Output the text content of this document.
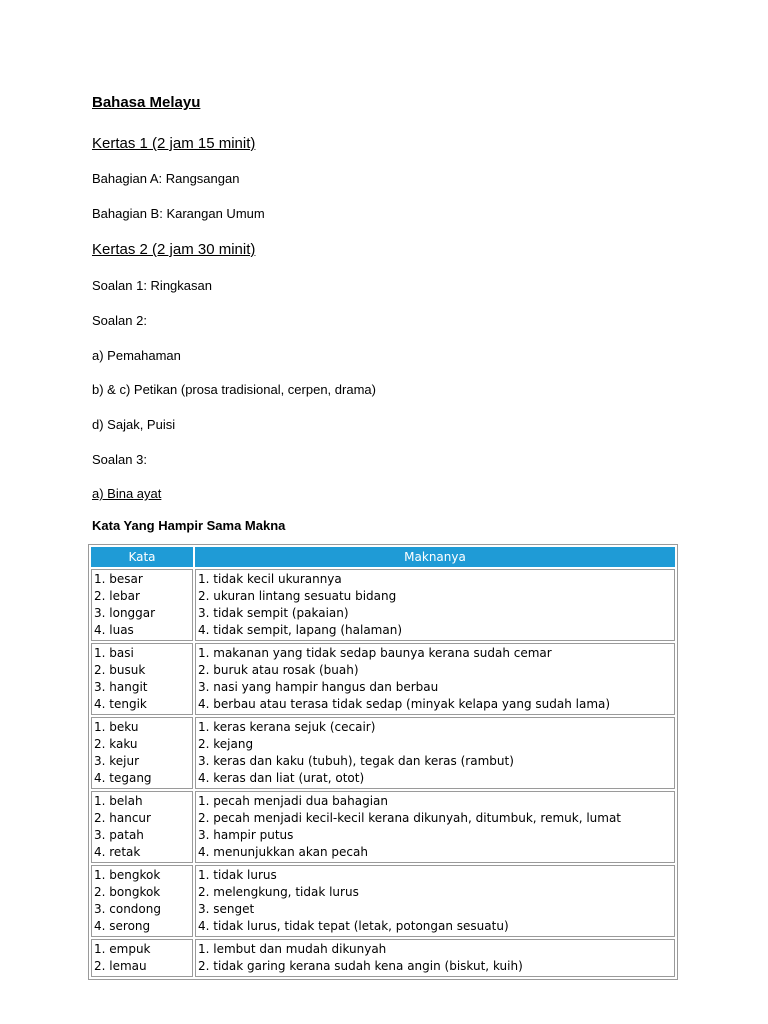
Bahasa Melayu

Kertas 1 (2 jam 15 minit)

Bahagian A: Rangsangan

Bahagian B: Karangan Umum

Kertas 2 (2 jam 30 minit)

Soalan 1: Ringkasan

Soalan 2:

a) Pemahaman

b) & c) Petikan (prosa tradisional, cerpen, drama)

d) Sajak, Puisi

Soalan 3:

a) Bina ayat

Kata Yang Hampir Sama Makna

Kata	Maknanya

1. besar
2. lebar
3. longgar
4. luas	1. tidak kecil ukurannya
2. ukuran lintang sesuatu bidang
3. tidak sempit (pakaian)
4. tidak sempit, lapang (halaman)

1. basi
2. busuk
3. hangit
4. tengik	1. makanan yang tidak sedap baunya kerana sudah cemar
2. buruk atau rosak (buah)
3. nasi yang hampir hangus dan berbau
4. berbau atau terasa tidak sedap (minyak kelapa yang sudah lama)

1. beku
2. kaku
3. kejur
4. tegang	1. keras kerana sejuk (cecair)
2. kejang
3. keras dan kaku (tubuh), tegak dan keras (rambut)
4. keras dan liat (urat, otot)

1. belah
2. hancur
3. patah
4. retak	1. pecah menjadi dua bahagian
2. pecah menjadi kecil-kecil kerana dikunyah, ditumbuk, remuk, lumat
3. hampir putus
4. menunjukkan akan pecah

1. bengkok
2. bongkok
3. condong
4. serong	1. tidak lurus
2. melengkung, tidak lurus
3. senget
4. tidak lurus, tidak tepat (letak, potongan sesuatu)

1. empuk
2. lemau	1. lembut dan mudah dikunyah
2. tidak garing kerana sudah kena angin (biskut, kuih)
